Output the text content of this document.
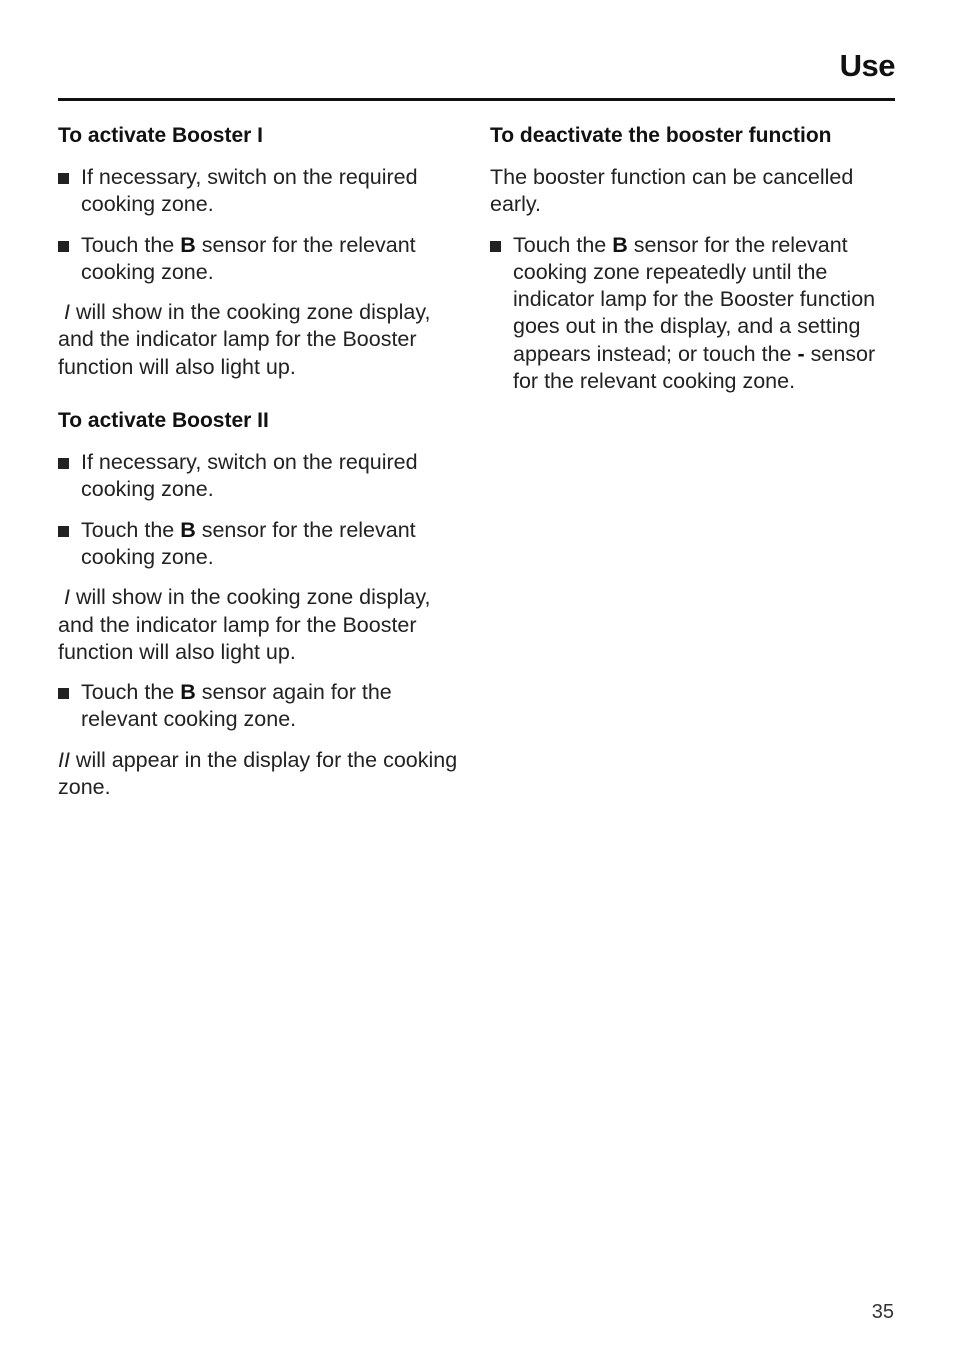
Use
To activate Booster I
If necessary, switch on the required cooking zone.
Touch the B sensor for the relevant cooking zone.

I will show in the cooking zone display, and the indicator lamp for the Booster function will also light up.

To activate Booster II
If necessary, switch on the required cooking zone.
Touch the B sensor for the relevant cooking zone.

I will show in the cooking zone display, and the indicator lamp for the Booster function will also light up.

Touch the B sensor again for the relevant cooking zone.

II will appear in the display for the cooking zone.

To deactivate the booster function

The booster function can be cancelled early.

Touch the B sensor for the relevant cooking zone repeatedly until the indicator lamp for the Booster function goes out in the display, and a setting appears instead; or touch the - sensor for the relevant cooking zone.
35
